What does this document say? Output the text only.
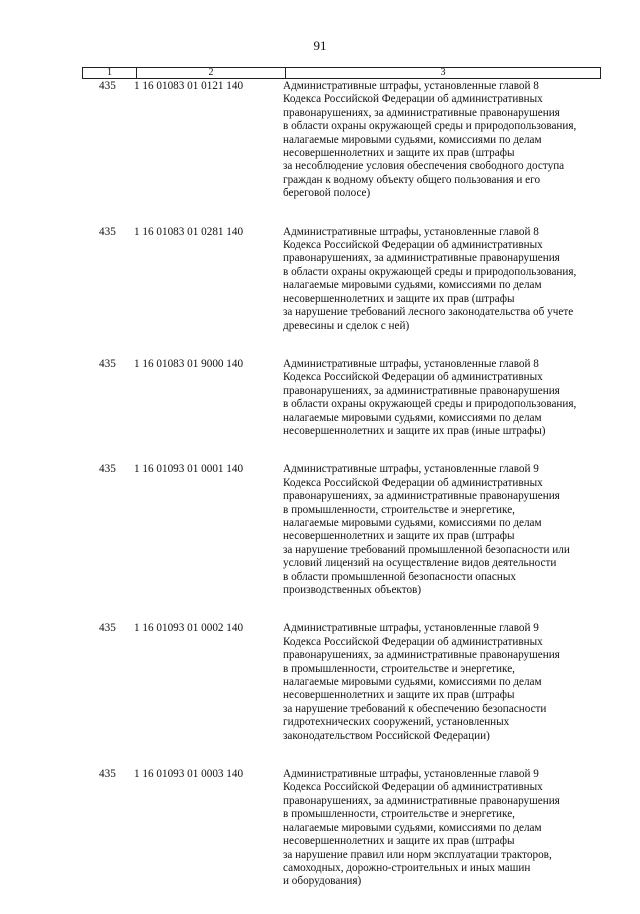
91
1	2	3
435 1 16 01083 01 0121 140	Административные штрафы, установленные главой 8
Кодекса Российской Федерации об административных
правонарушениях, за административные правонарушения
в области охраны окружающей среды и природопользования,
налагаемые мировыми судьями, комиссиями по делам
несовершеннолетних и защите их прав (штрафы
за несоблюдение условия обеспечения свободного доступа
граждан к водному объекту общего пользования и его
береговой полосе)
435 1 16 01083 01 0281 140	Административные штрафы, установленные главой 8
Кодекса Российской Федерации об административных
правонарушениях, за административные правонарушения
в области охраны окружающей среды и природопользования,
налагаемые мировыми судьями, комиссиями по делам
несовершеннолетних и защите их прав (штрафы
за нарушение требований лесного законодательства об учете
древесины и сделок с ней)
435 1 16 01083 01 9000 140	Административные штрафы, установленные главой 8
Кодекса Российской Федерации об административных
правонарушениях, за административные правонарушения
в области охраны окружающей среды и природопользования,
налагаемые мировыми судьями, комиссиями по делам
несовершеннолетних и защите их прав (иные штрафы)
435 1 16 01093 01 0001 140	Административные штрафы, установленные главой 9
Кодекса Российской Федерации об административных
правонарушениях, за административные правонарушения
в промышленности, строительстве и энергетике,
налагаемые мировыми судьями, комиссиями по делам
несовершеннолетних и защите их прав (штрафы
за нарушение требований промышленной безопасности или
условий лицензий на осуществление видов деятельности
в области промышленной безопасности опасных
производственных объектов)
435 1 16 01093 01 0002 140	Административные штрафы, установленные главой 9
Кодекса Российской Федерации об административных
правонарушениях, за административные правонарушения
в промышленности, строительстве и энергетике,
налагаемые мировыми судьями, комиссиями по делам
несовершеннолетних и защите их прав (штрафы
за нарушение требований к обеспечению безопасности
гидротехнических сооружений, установленных
законодательством Российской Федерации)
435 1 16 01093 01 0003 140	Административные штрафы, установленные главой 9
Кодекса Российской Федерации об административных
правонарушениях, за административные правонарушения
в промышленности, строительстве и энергетике,
налагаемые мировыми судьями, комиссиями по делам
несовершеннолетних и защите их прав (штрафы
за нарушение правил или норм эксплуатации тракторов,
самоходных, дорожно-строительных и иных машин
и оборудования)
